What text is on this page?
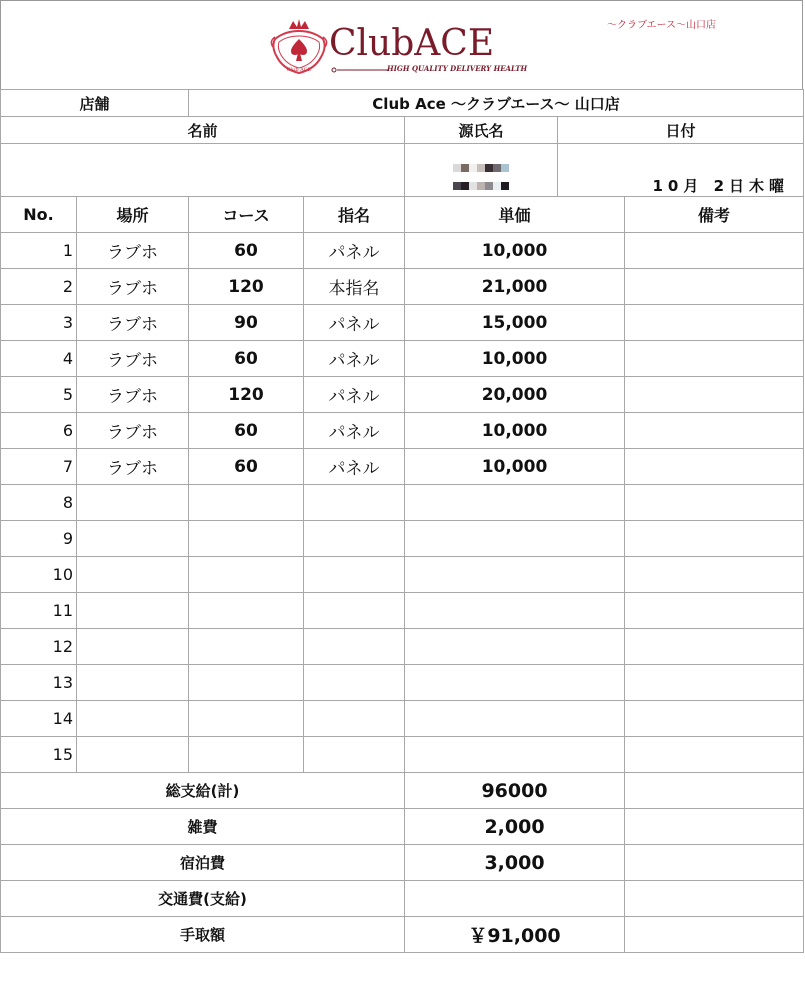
Club ACE
〜クラブエース〜山口店
ClubACE
HIGH QUALITY DELIVERY HEALTH
店舗	Club Ace 〜クラブエース〜 山口店		
名前		源氏名	日付

		10月 2日木曜
No.	場所	コース	指名	単価	備考
1	ラブホ	60	パネル	10,000	
2	ラブホ	120	本指名	21,000	
3	ラブホ	90	パネル	15,000	
4	ラブホ	60	パネル	10,000	
5	ラブホ	120	パネル	20,000	
6	ラブホ	60	パネル	10,000	
7	ラブホ	60	パネル	10,000	
8					
9					
10					
11					
12					
13					
14					
15					
総支給(計)				96000	
雑費				2,000	
宿泊費				3,000	
交通費(支給)					
手取額				￥91,000	
